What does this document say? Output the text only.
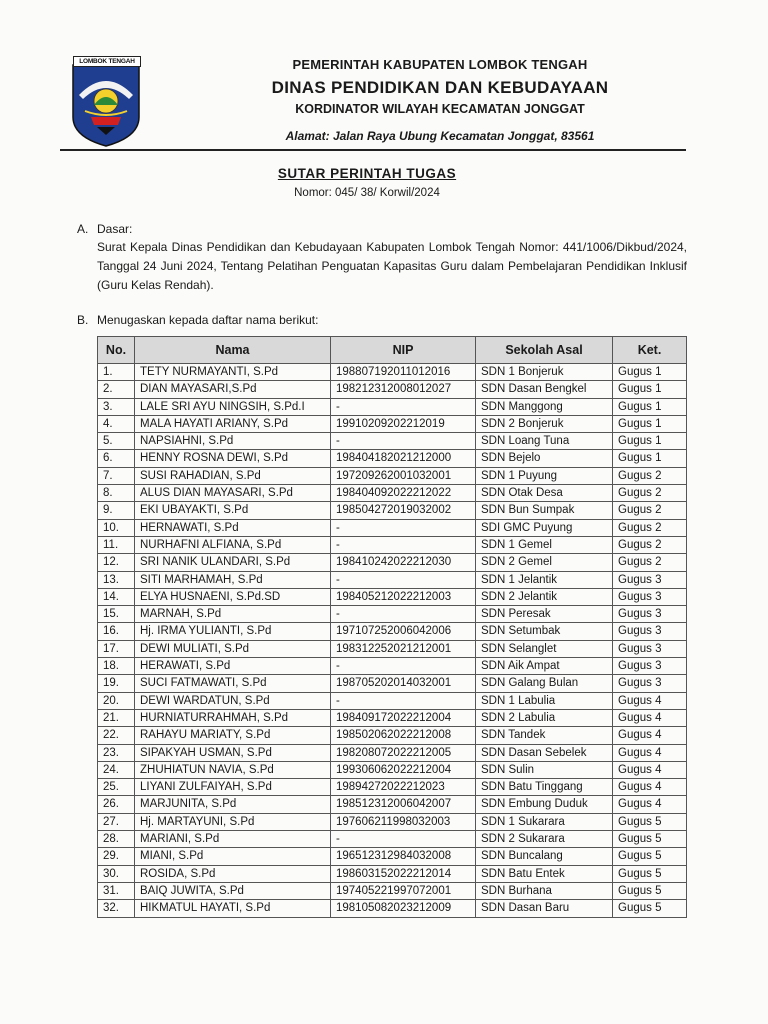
LOMBOK TENGAH	PEMERINTAH KABUPATEN LOMBOK TENGAH
DINAS PENDIDIKAN DAN KEBUDAYAAN
KORDINATOR WILAYAH KECAMATAN JONGGAT
Alamat: Jalan Raya Ubung Kecamatan Jonggat, 83561
SUTAR PERINTAH TUGAS
Nomor: 045/ 38/ Korwil/2024
A. Dasar:
Surat Kepala Dinas Pendidikan dan Kebudayaan Kabupaten Lombok Tengah Nomor: 441/1006/Dikbud/2024, Tanggal 24 Juni 2024, Tentang Pelatihan Penguatan Kapasitas Guru dalam Pembelajaran Pendidikan Inklusif (Guru Kelas Rendah).
B. Menugaskan kepada daftar nama berikut:
No.	Nama	NIP	Sekolah Asal	Ket.
1.	TETY NURMAYANTI, S.Pd	198807192011012016	SDN 1 Bonjeruk	Gugus 1
2.	DIAN MAYASARI,S.Pd	198212312008012027	SDN Dasan Bengkel	Gugus 1
3.	LALE SRI AYU NINGSIH, S.Pd.I	-	SDN Manggong	Gugus 1
4.	MALA HAYATI ARIANY, S.Pd	19910209202212019	SDN 2 Bonjeruk	Gugus 1
5.	NAPSIAHNI, S.Pd	-	SDN Loang Tuna	Gugus 1
6.	HENNY ROSNA DEWI, S.Pd	198404182021212000	SDN Bejelo	Gugus 1
7.	SUSI RAHADIAN, S.Pd	197209262001032001	SDN 1 Puyung	Gugus 2
8.	ALUS DIAN MAYASARI, S.Pd	198404092022212022	SDN Otak Desa	Gugus 2
9.	EKI UBAYAKTI, S.Pd	198504272019032002	SDN Bun Sumpak	Gugus 2
10.	HERNAWATI, S.Pd	-	SDI GMC Puyung	Gugus 2
11.	NURHAFNI ALFIANA, S.Pd	-	SDN 1 Gemel	Gugus 2
12.	SRI NANIK ULANDARI, S.Pd	198410242022212030	SDN 2 Gemel	Gugus 2
13.	SITI MARHAMAH, S.Pd	-	SDN 1 Jelantik	Gugus 3
14.	ELYA HUSNAENI, S.Pd.SD	198405212022212003	SDN 2 Jelantik	Gugus 3
15.	MARNAH, S.Pd	-	SDN Peresak	Gugus 3
16.	Hj. IRMA YULIANTI, S.Pd	197107252006042006	SDN Setumbak	Gugus 3
17.	DEWI MULIATI, S.Pd	198312252021212001	SDN Selanglet	Gugus 3
18.	HERAWATI, S.Pd	-	SDN Aik Ampat	Gugus 3
19.	SUCI FATMAWATI, S.Pd	198705202014032001	SDN Galang Bulan	Gugus 3
20.	DEWI WARDATUN, S.Pd	-	SDN 1 Labulia	Gugus 4
21.	HURNIATURRAHMAH, S.Pd	198409172022212004	SDN 2 Labulia	Gugus 4
22.	RAHAYU MARIATY, S.Pd	198502062022212008	SDN Tandek	Gugus 4
23.	SIPAKYAH USMAN, S.Pd	198208072022212005	SDN Dasan Sebelek	Gugus 4
24.	ZHUHIATUN NAVIA, S.Pd	199306062022212004	SDN Sulin	Gugus 4
25.	LIYANI ZULFAIYAH, S.Pd	19894272022212023	SDN Batu Tinggang	Gugus 4
26.	MARJUNITA, S.Pd	198512312006042007	SDN Embung Duduk	Gugus 4
27.	Hj. MARTAYUNI, S.Pd	197606211998032003	SDN 1 Sukarara	Gugus 5
28.	MARIANI, S.Pd	-	SDN 2 Sukarara	Gugus 5
29.	MIANI, S.Pd	196512312984032008	SDN Buncalang	Gugus 5
30.	ROSIDA, S.Pd	198603152022212014	SDN Batu Entek	Gugus 5
31.	BAIQ JUWITA, S.Pd	197405221997072001	SDN Burhana	Gugus 5
32.	HIKMATUL HAYATI, S.Pd	198105082023212009	SDN Dasan Baru	Gugus 5
